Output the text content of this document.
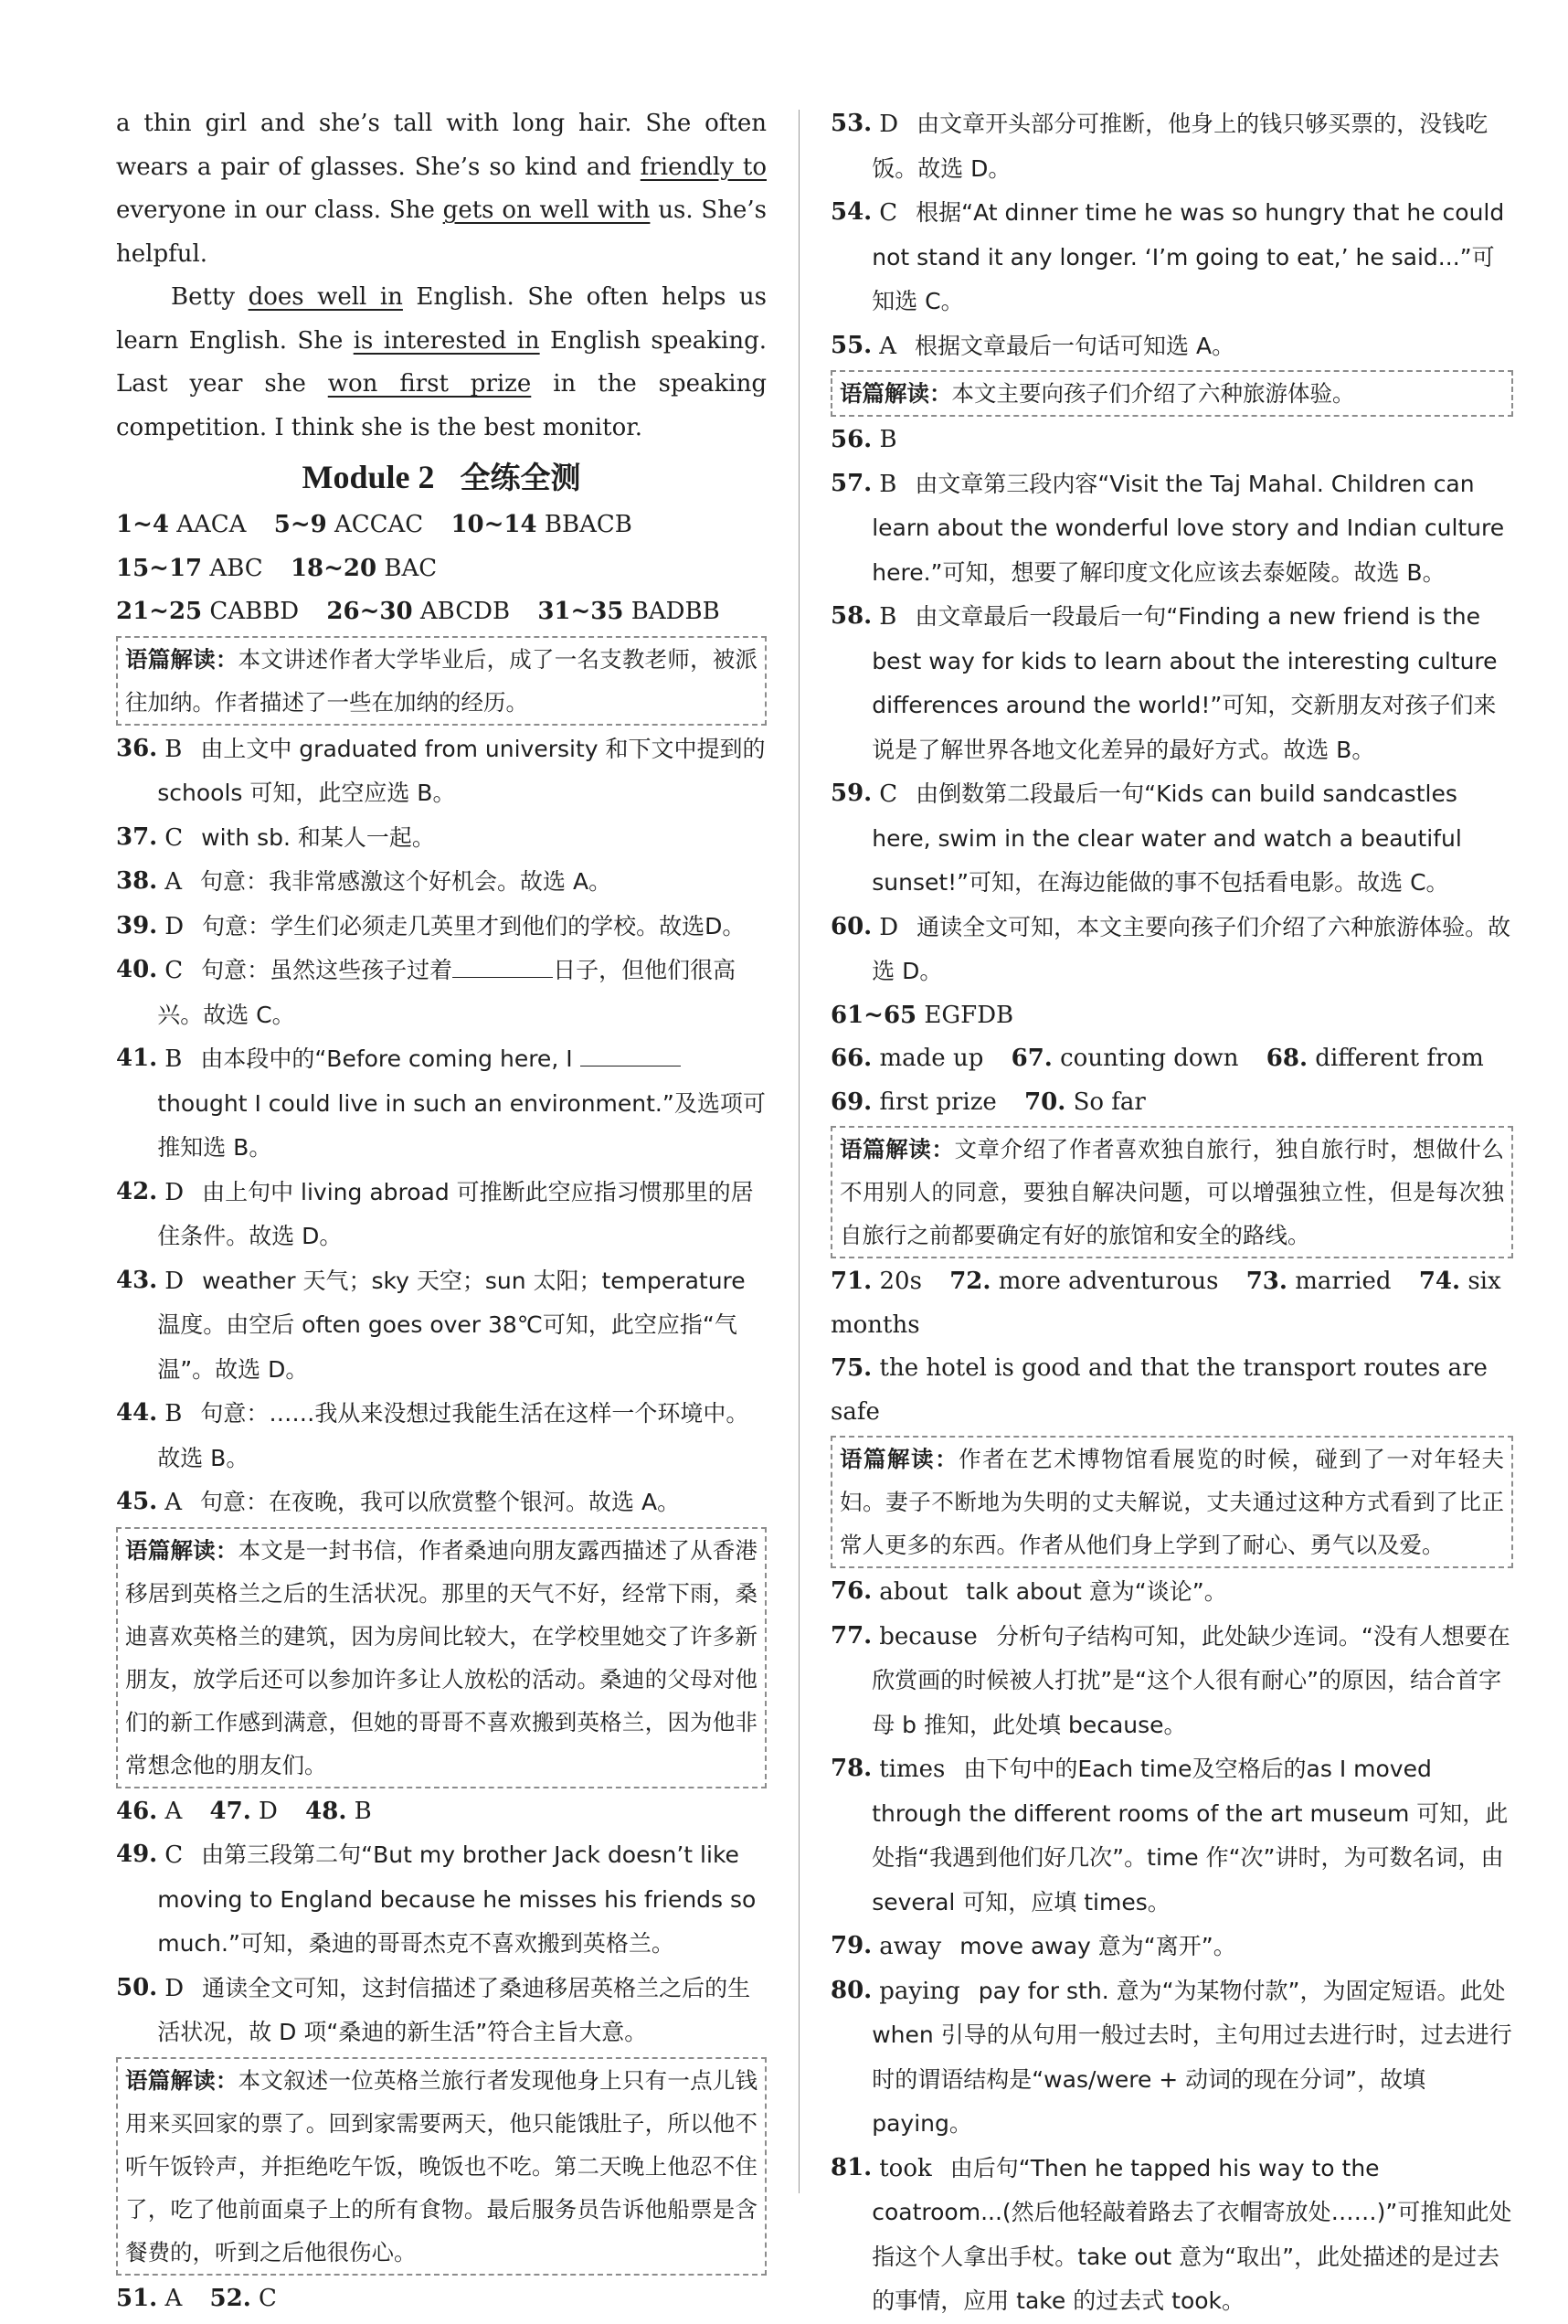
a thin girl and she’s tall with long hair. She often wears a pair of glasses. She’s so kind and friendly to everyone in our class. She gets on well with us. She’s helpful.

Betty does well in English. She often helps us learn English. She is interested in English speaking. Last year she won first prize in the speaking competition. I think she is the best monitor.

Module 2 全练全测
1~4 AACA 5~9 ACCAC 10~14 BBACB
15~17 ABC 18~20 BAC
21~25 CABBD 26~30 ABCDB 31~35 BADBB
语篇解读：本文讲述作者大学毕业后，成了一名支教老师，被派往加纳。作者描述了一些在加纳的经历。
36. B 由上文中 graduated from university 和下文中提到的 schools 可知，此空应选 B。
37. C with sb. 和某人一起。
38. A 句意：我非常感激这个好机会。故选 A。
39. D 句意：学生们必须走几英里才到他们的学校。故选D。
40. C 句意：虽然这些孩子过着	日子，但他们很高兴。故选 C。
41. B 由本段中的“Before coming here, I  thought I could live in such an environment.”及选项可推知选 B。
42. D 由上句中 living abroad 可推断此空应指习惯那里的居住条件。故选 D。
43. D weather 天气；sky 天空；sun 太阳；temperature 温度。由空后 often goes over 38℃可知，此空应指“气温”。故选 D。
44. B 句意：……我从来没想过我能生活在这样一个环境中。故选 B。
45. A 句意：在夜晚，我可以欣赏整个银河。故选 A。
语篇解读：本文是一封书信，作者桑迪向朋友露西描述了从香港移居到英格兰之后的生活状况。那里的天气不好，经常下雨，桑迪喜欢英格兰的建筑，因为房间比较大，在学校里她交了许多新朋友，放学后还可以参加许多让人放松的活动。桑迪的父母对他们的新工作感到满意，但她的哥哥不喜欢搬到英格兰，因为他非常想念他的朋友们。
46. A 47. D 48. B
49. C 由第三段第二句“But my brother Jack doesn’t like moving to England because he misses his friends so much.”可知，桑迪的哥哥杰克不喜欢搬到英格兰。
50. D 通读全文可知，这封信描述了桑迪移居英格兰之后的生活状况，故 D 项“桑迪的新生活”符合主旨大意。
语篇解读：本文叙述一位英格兰旅行者发现他身上只有一点儿钱用来买回家的票了。回到家需要两天，他只能饿肚子，所以他不听午饭铃声，并拒绝吃午饭，晚饭也不吃。第二天晚上他忍不住了，吃了他前面桌子上的所有食物。最后服务员告诉他船票是含餐费的，听到之后他很伤心。
51. A 52. C
53. D 由文章开头部分可推断，他身上的钱只够买票的，没钱吃饭。故选 D。
54. C 根据“At dinner time he was so hungry that he could not stand it any longer. ‘I’m going to eat,’ he said...”可知选 C。
55. A 根据文章最后一句话可知选 A。
语篇解读：本文主要向孩子们介绍了六种旅游体验。
56. B
57. B 由文章第三段内容“Visit the Taj Mahal. Children can learn about the wonderful love story and Indian culture here.”可知，想要了解印度文化应该去泰姬陵。故选 B。
58. B 由文章最后一段最后一句“Finding a new friend is the best way for kids to learn about the interesting culture differences around the world!”可知，交新朋友对孩子们来说是了解世界各地文化差异的最好方式。故选 B。
59. C 由倒数第二段最后一句“Kids can build sandcastles here, swim in the clear water and watch a beautiful sunset!”可知，在海边能做的事不包括看电影。故选 C。
60. D 通读全文可知，本文主要向孩子们介绍了六种旅游体验。故选 D。
61~65 EGFDB
66. made up 67. counting down 68. different from
69. first prize 70. So far
语篇解读：文章介绍了作者喜欢独自旅行，独自旅行时，想做什么不用别人的同意，要独自解决问题，可以增强独立性，但是每次独自旅行之前都要确定有好的旅馆和安全的路线。
71. 20s 72. more adventurous 73. married 74. six months
75. the hotel is good and that the transport routes are safe
语篇解读：作者在艺术博物馆看展览的时候，碰到了一对年轻夫妇。妻子不断地为失明的丈夫解说，丈夫通过这种方式看到了比正常人更多的东西。作者从他们身上学到了耐心、勇气以及爱。
76. about talk about 意为“谈论”。
77. because 分析句子结构可知，此处缺少连词。“没有人想要在欣赏画的时候被人打扰”是“这个人很有耐心”的原因，结合首字母 b 推知，此处填 because。
78. times 由下句中的Each time及空格后的as I moved through the different rooms of the art museum 可知，此处指“我遇到他们好几次”。time 作“次”讲时，为可数名词，由 several 可知，应填 times。
79. away move away 意为“离开”。
80. paying pay for sth. 意为“为某物付款”，为固定短语。此处 when 引导的从句用一般过去时，主句用过去进行时，过去进行时的谓语结构是“was/were + 动词的现在分词”，故填 paying。
81. took 由后句“Then he tapped his way to the coatroom...(然后他轻敲着路去了衣帽寄放处……)”可推知此处指这个人拿出手杖。take out 意为“取出”，此处描述的是过去的事情，应用 take 的过去式 took。
